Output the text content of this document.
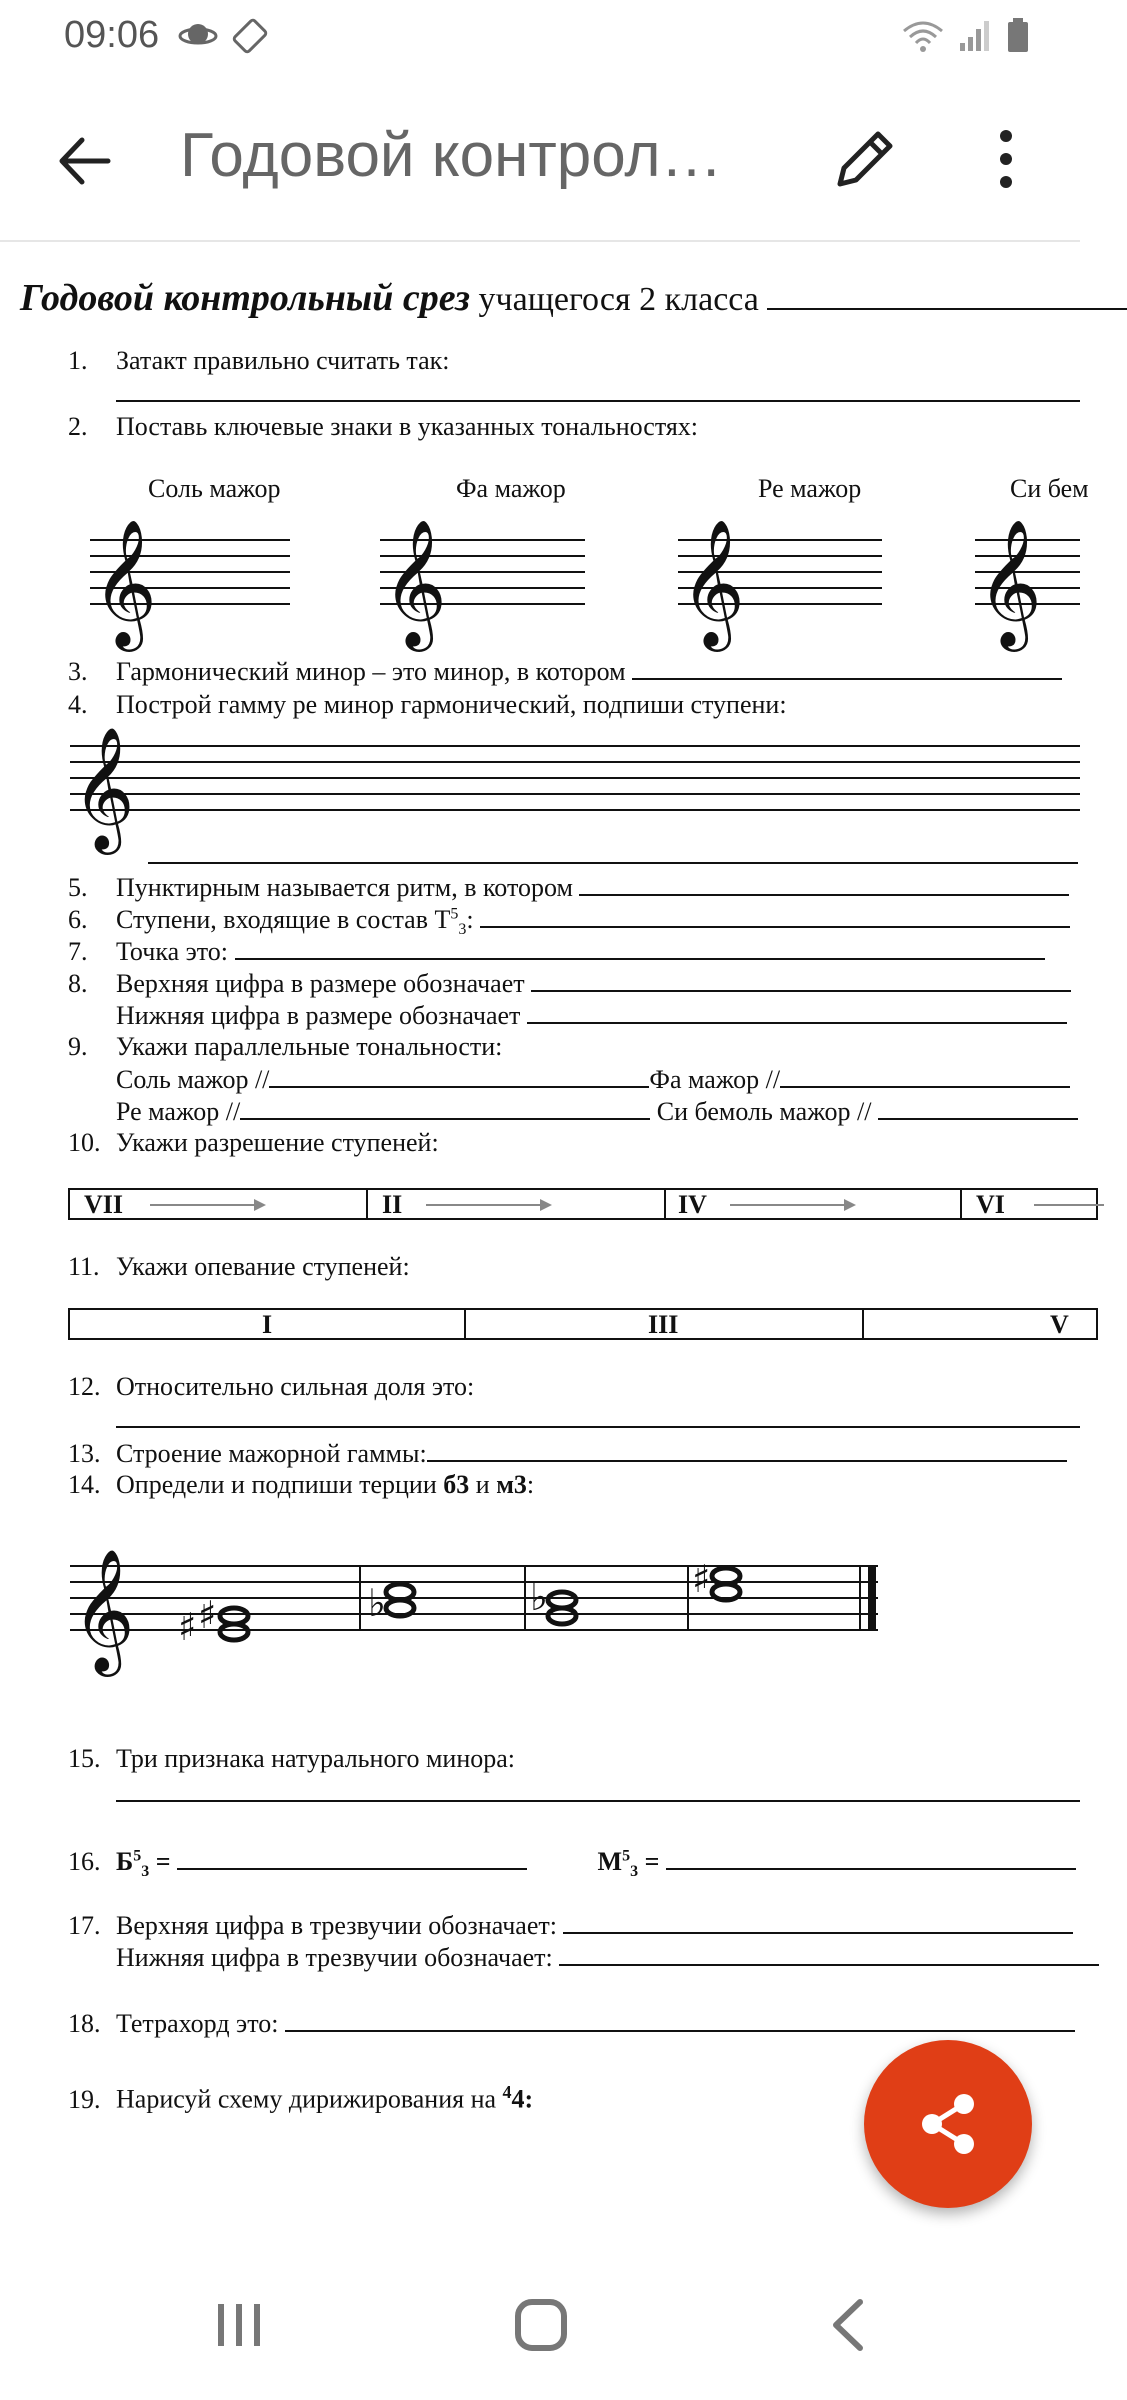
09:06
Годовой контрол…
Годовой контрольный срез учащегося 2 класса
1. Затакт правильно считать так:
2. Поставь ключевые знаки в указанных тональностях:
Соль мажор	Фа мажор	Ре мажор	Си бем
𝄞 𝄞 𝄞 𝄞
3. Гармонический минор – это минор, в котором
4. Построй гамму ре минор гармонический, подпиши ступени:
𝄞
5. Пунктирным называется ритм, в котором
6. Ступени, входящие в состав $T^5_3$:
7. Точка это:
8. Верхняя цифра в размере обозначает
Нижняя цифра в размере обозначает
9. Укажи параллельные тональности:
Соль мажор //	Фа мажор //
Ре мажор //	Си бемоль мажор //
10. Укажи разрешение ступеней:
VII	II	IV	VI
11. Укажи опевание ступеней:
I	III	V
12. Относительно сильная доля это:
13. Строение мажорной гаммы:
14. Определи и подпиши терции б3 и м3:
𝄞 ♯ ♯	♭	♭	♯
15. Три признака натурального минора:
16. $Б^5_3$ =	$М^5_3$ =
17. Верхняя цифра в трезвучии обозначает:
Нижняя цифра в трезвучии обозначает:
18. Тетрахорд это:
19. Нарисуй схему дирижирования на $^4$4:
